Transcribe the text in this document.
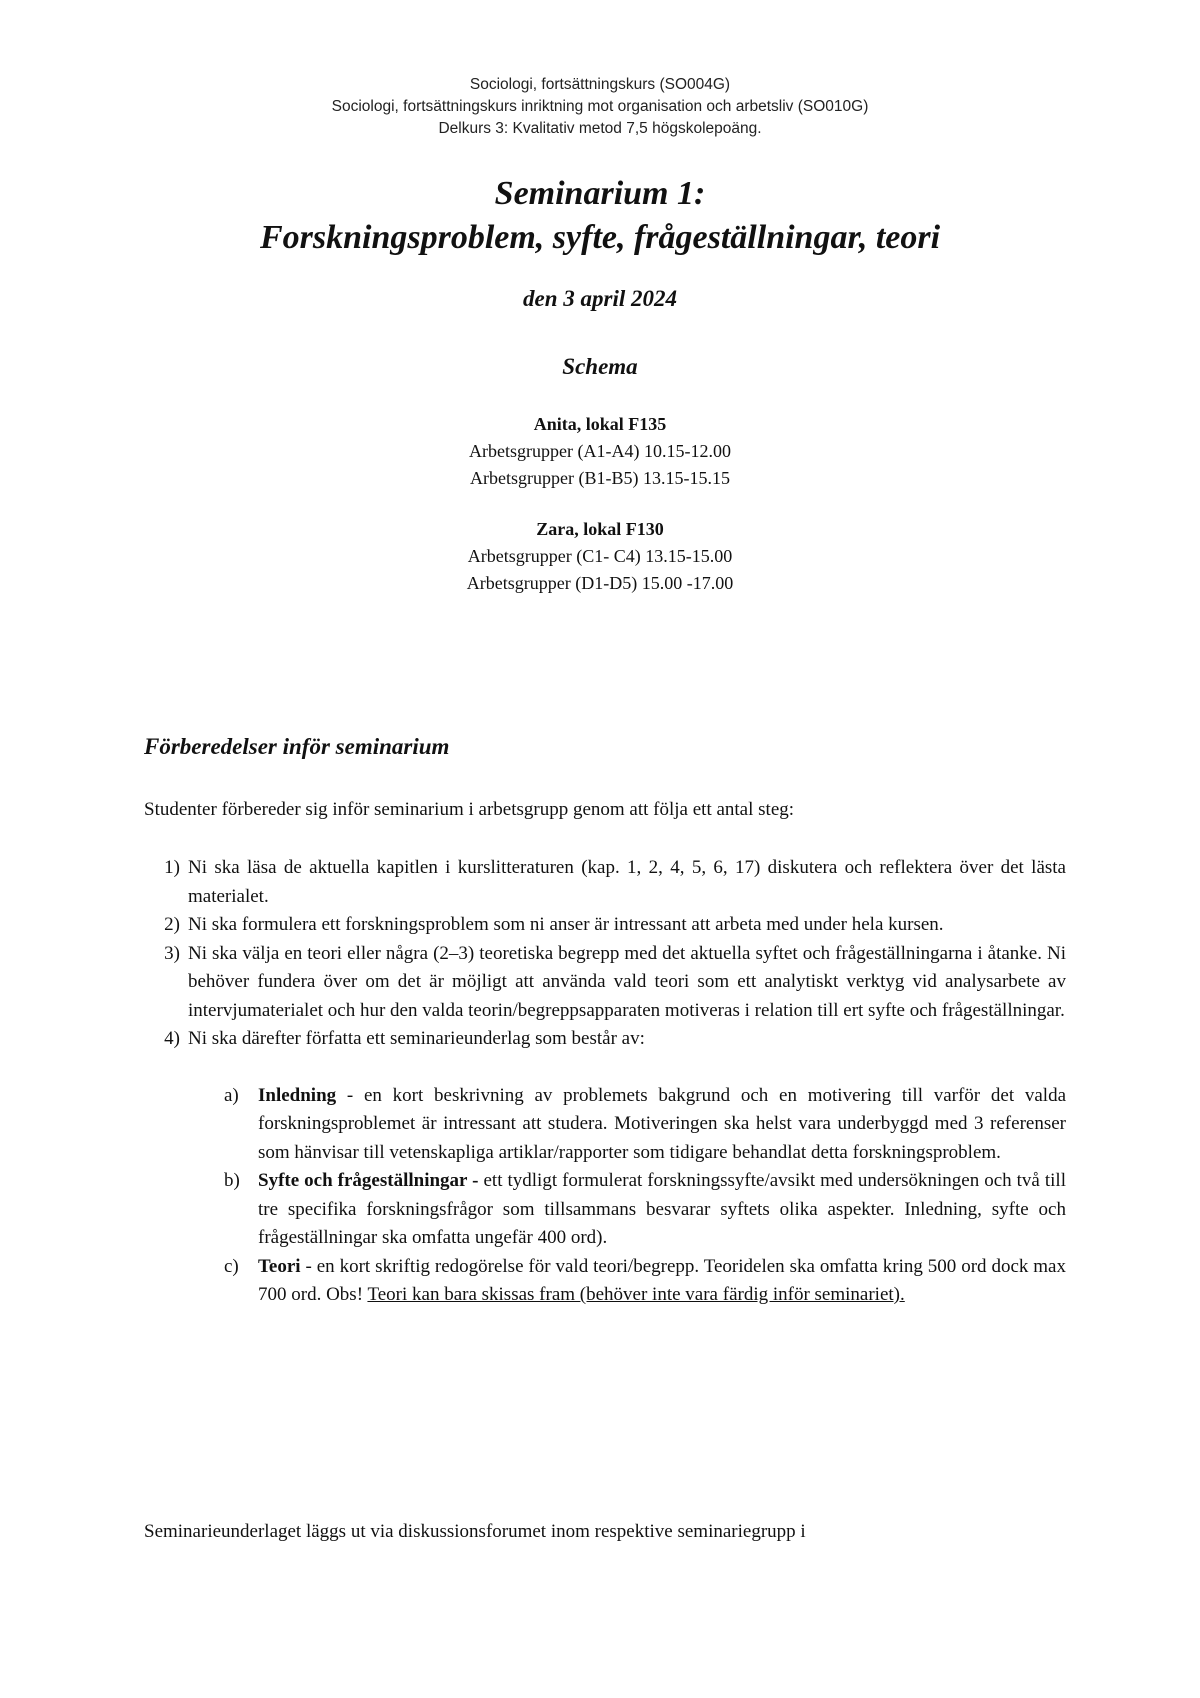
Sociologi, fortsättningskurs (SO004G)
Sociologi, fortsättningskurs inriktning mot organisation och arbetsliv (SO010G)
Delkurs 3: Kvalitativ metod 7,5 högskolepoäng.
Seminarium 1:
Forskningsproblem, syfte, frågeställningar, teori
den 3 april 2024
Schema
Anita, lokal F135
Arbetsgrupper (A1-A4) 10.15-12.00
Arbetsgrupper (B1-B5) 13.15-15.15
Zara, lokal F130
Arbetsgrupper (C1- C4) 13.15-15.00
Arbetsgrupper (D1-D5) 15.00 -17.00
Förberedelser inför seminarium
Studenter förbereder sig inför seminarium i arbetsgrupp genom att följa ett antal steg:
1) Ni ska läsa de aktuella kapitlen i kurslitteraturen (kap. 1, 2, 4, 5, 6, 17) diskutera och reflektera över det lästa materialet.
2) Ni ska formulera ett forskningsproblem som ni anser är intressant att arbeta med under hela kursen.
3) Ni ska välja en teori eller några (2–3) teoretiska begrepp med det aktuella syftet och frågeställningarna i åtanke. Ni behöver fundera över om det är möjligt att använda vald teori som ett analytiskt verktyg vid analysarbete av intervjumaterialet och hur den valda teorin/begreppsapparaten motiveras i relation till ert syfte och frågeställningar.
4) Ni ska därefter författa ett seminarieunderlag som består av:
a)	Inledning - en kort beskrivning av problemets bakgrund och en motivering till varför det valda forskningsproblemet är intressant att studera. Motiveringen ska helst vara underbyggd med 3 referenser som hänvisar till vetenskapliga artiklar/rapporter som tidigare behandlat detta forskningsproblem.
b) Syfte och frågeställningar - ett tydligt formulerat forskningssyfte/avsikt med undersökningen och två till tre specifika forskningsfrågor som tillsammans besvarar syftets olika aspekter. Inledning, syfte och frågeställningar ska omfatta ungefär 400 ord).
c)	Teori - en kort skriftig redogörelse för vald teori/begrepp. Teoridelen ska omfatta kring 500 ord dock max 700 ord. Obs! Teori kan bara skissas fram (behöver inte vara färdig inför seminariet).
Seminarieunderlaget läggs ut via diskussionsforumet inom respektive seminariegrupp i
